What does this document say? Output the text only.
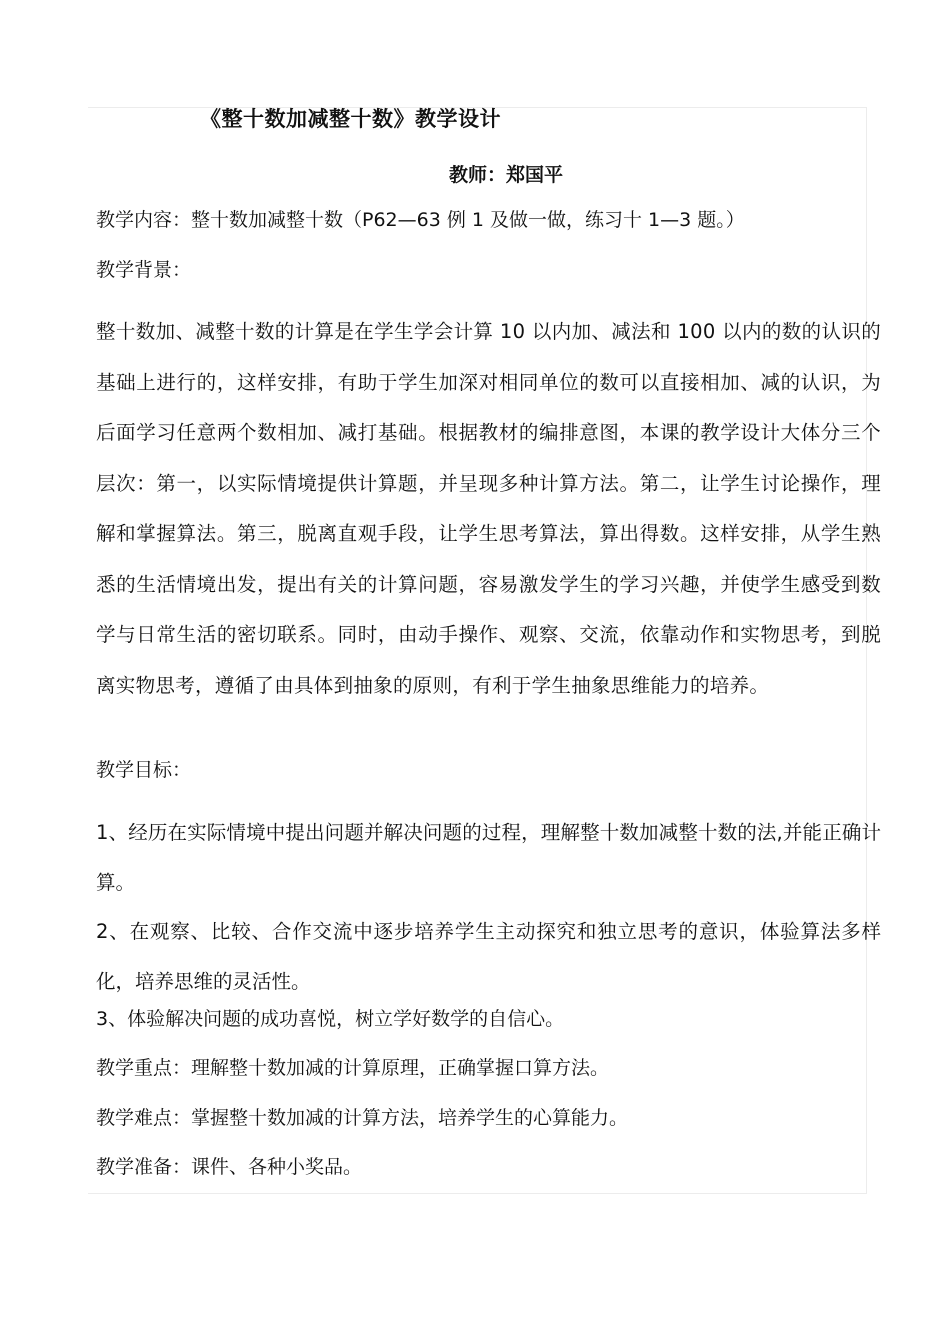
《整十数加减整十数》教学设计
教师：郑国平
教学内容：整十数加减整十数（P62—63 例 1 及做一做，练习十 1—3 题。）
教学背景：
整十数加、减整十数的计算是在学生学会计算 10 以内加、减法和 100 以内的数的认识的基础上进行的，这样安排，有助于学生加深对相同单位的数可以直接相加、减的认识，为后面学习任意两个数相加、减打基础。根据教材的编排意图，本课的教学设计大体分三个层次：第一，以实际情境提供计算题，并呈现多种计算方法。第二，让学生讨论操作，理解和掌握算法。第三，脱离直观手段，让学生思考算法，算出得数。这样安排，从学生熟悉的生活情境出发，提出有关的计算问题，容易激发学生的学习兴趣，并使学生感受到数学与日常生活的密切联系。同时，由动手操作、观察、交流，依靠动作和实物思考，到脱离实物思考，遵循了由具体到抽象的原则，有利于学生抽象思维能力的培养。
教学目标：
1、经历在实际情境中提出问题并解决问题的过程，理解整十数加减整十数的法,并能正确计算。
2、在观察、比较、合作交流中逐步培养学生主动探究和独立思考的意识，体验算法多样化，培养思维的灵活性。
3、体验解决问题的成功喜悦，树立学好数学的自信心。
教学重点：理解整十数加减的计算原理，正确掌握口算方法。
教学难点：掌握整十数加减的计算方法，培养学生的心算能力。
教学准备：课件、各种小奖品。
